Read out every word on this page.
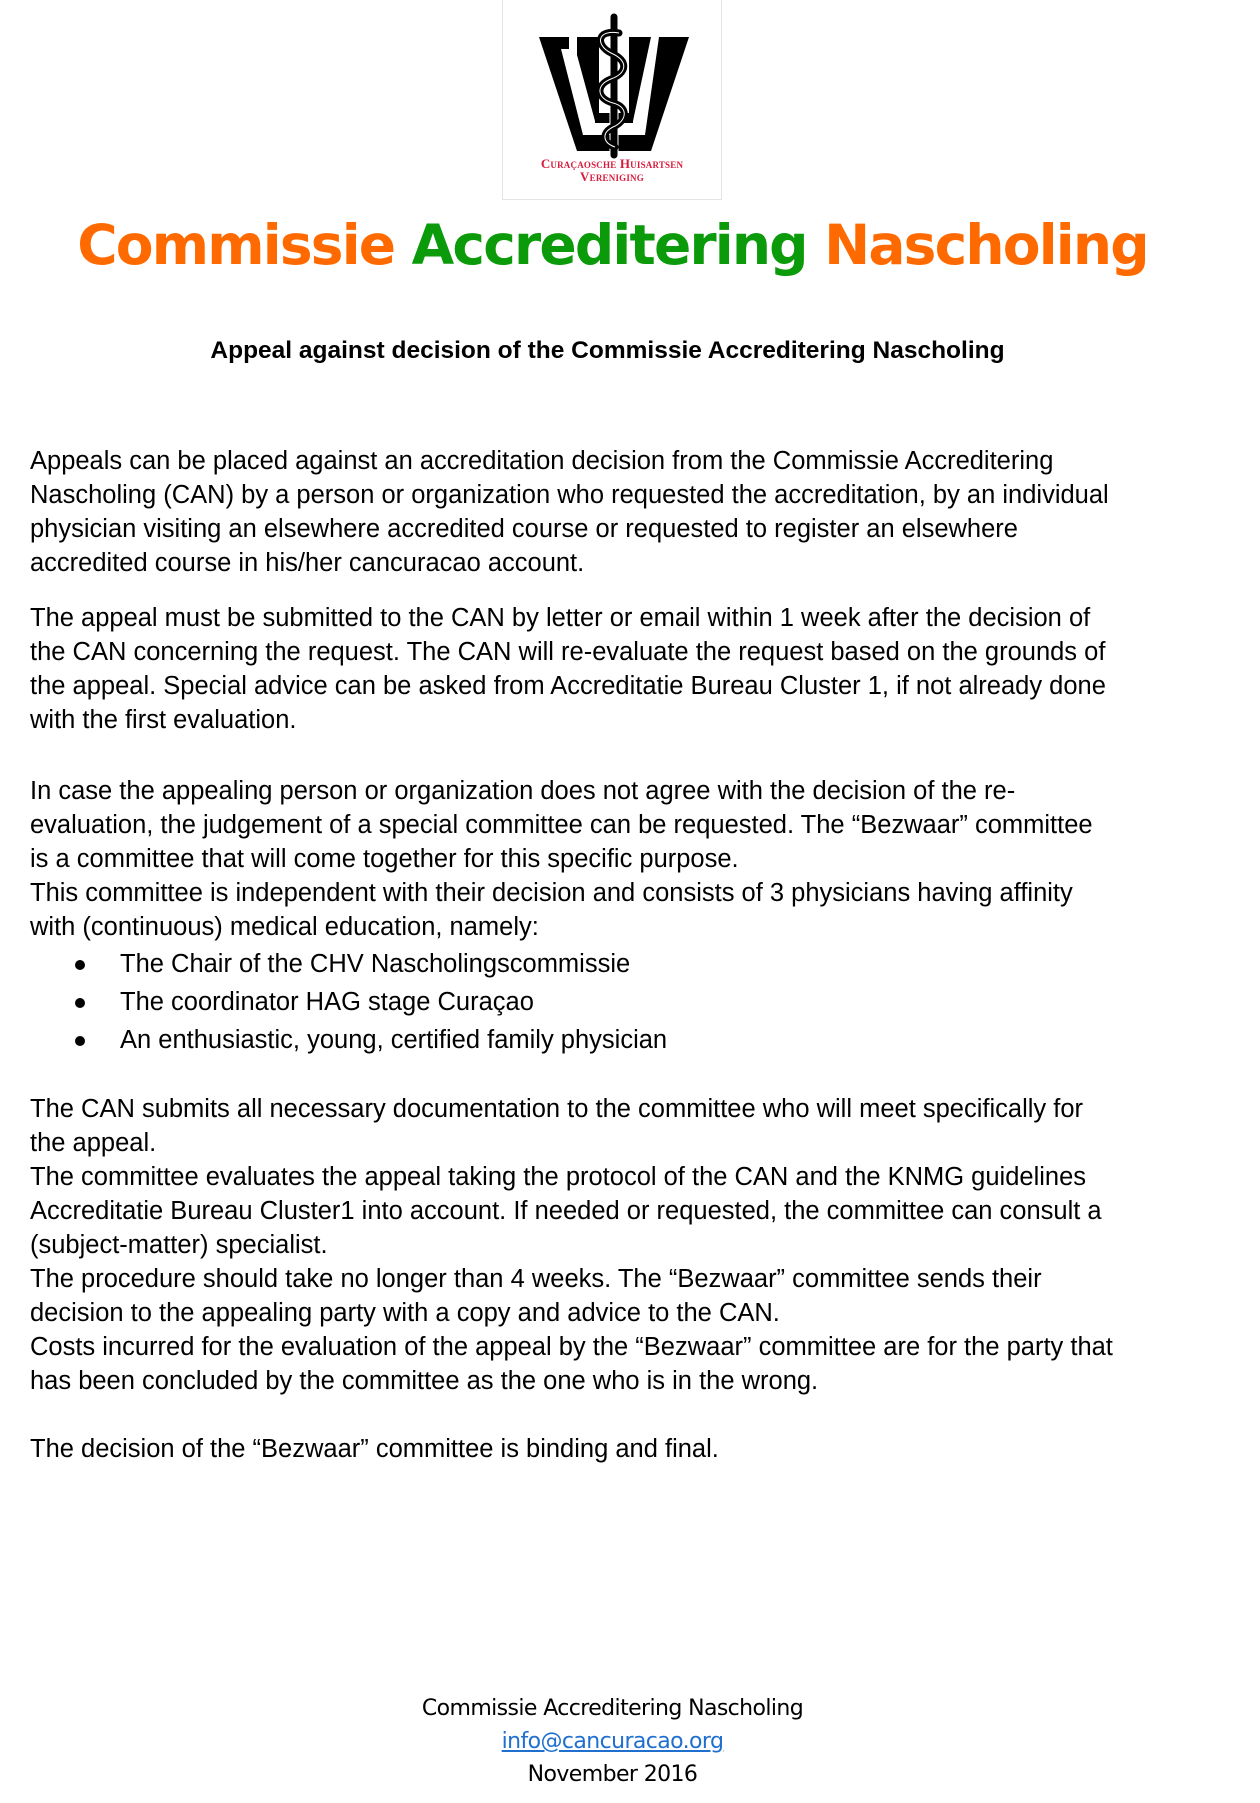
Curaçaosche Huisartsen
Vereniging
Commissie Accreditering Nascholing
Appeal against decision of the Commissie Accreditering Nascholing
Appeals can be placed against an accreditation decision from the Commissie Accreditering
Nascholing (CAN) by a person or organization who requested the accreditation, by an individual
physician visiting an elsewhere accredited course or requested to register an elsewhere
accredited course in his/her cancuracao account.
The appeal must be submitted to the CAN by letter or email within 1 week after the decision of
the CAN concerning the request. The CAN will re-evaluate the request based on the grounds of
the appeal. Special advice can be asked from Accreditatie Bureau Cluster 1, if not already done
with the first evaluation.
In case the appealing person or organization does not agree with the decision of the re-
evaluation, the judgement of a special committee can be requested. The “Bezwaar” committee
is a committee that will come together for this specific purpose.
This committee is independent with their decision and consists of 3 physicians having affinity
with (continuous) medical education, namely:
The Chair of the CHV Nascholingscommissie
The coordinator HAG stage Curaçao
An enthusiastic, young, certified family physician
The CAN submits all necessary documentation to the committee who will meet specifically for
the appeal.
The committee evaluates the appeal taking the protocol of the CAN and the KNMG guidelines
Accreditatie Bureau Cluster1 into account. If needed or requested, the committee can consult a
(subject-matter) specialist.
The procedure should take no longer than 4 weeks. The “Bezwaar” committee sends their
decision to the appealing party with a copy and advice to the CAN.
Costs incurred for the evaluation of the appeal by the “Bezwaar” committee are for the party that
has been concluded by the committee as the one who is in the wrong.
The decision of the “Bezwaar” committee is binding and final.
Commissie Accreditering Nascholing
info@cancuracao.org
November 2016
